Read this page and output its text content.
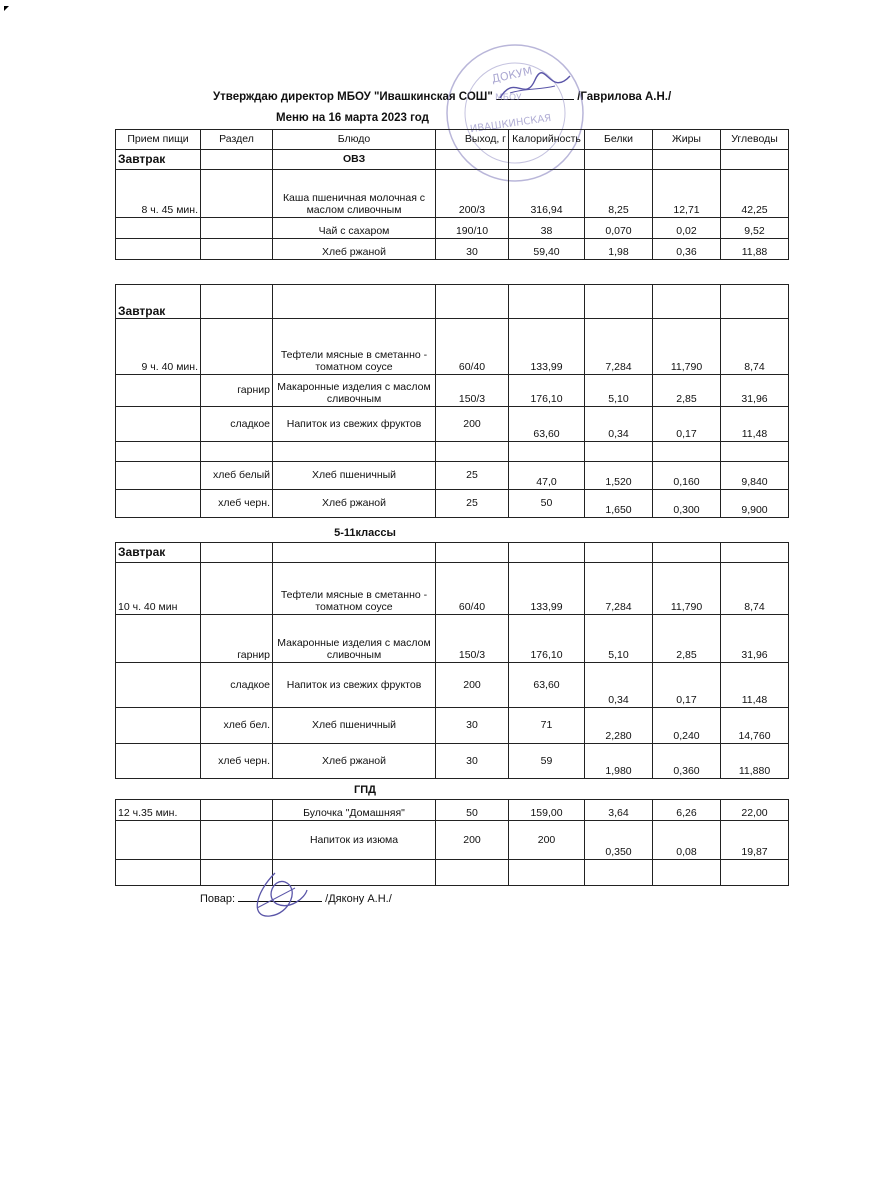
Утверждаю директор МБОУ "Ивашкинская СОШ"	/Гаврилова А.Н./
Меню на 16 марта 2023 год
ДОКУМ
МБОУ
ИВАШКИНСКАЯ
Прием пищи	Раздел	Блюдо	Выход, г	Калорийность	Белки	Жиры	Углеводы
Завтрак		ОВЗ					
8 ч. 45 мин.		Каша пшеничная молочная с маслом сливочным	200/3	316,94	8,25	12,71	42,25
		Чай с сахаром	190/10	38	0,070	0,02	9,52
		Хлеб ржаной	30	59,40	1,98	0,36	11,88
Завтрак							
9 ч. 40 мин.		Тефтели мясные в сметанно - томатном соусе	60/40	133,99	7,284	11,790	8,74
	гарнир	Макаронные изделия с маслом сливочным	150/3	176,10	5,10	2,85	31,96
	сладкое	Напиток из свежих фруктов	200	63,60	0,34	0,17	11,48

	хлеб белый	Хлеб пшеничный	25	47,0	1,520	0,160	9,840
	хлеб черн.	Хлеб ржаной	25	50	1,650	0,300	9,900
5-11классы
Завтрак							
10 ч. 40 мин		Тефтели мясные в сметанно - томатном соусе	60/40	133,99	7,284	11,790	8,74
	гарнир	Макаронные изделия с маслом сливочным	150/3	176,10	5,10	2,85	31,96
	сладкое	Напиток из свежих фруктов	200	63,60	0,34	0,17	11,48
	хлеб бел.	Хлеб пшеничный	30	71	2,280	0,240	14,760
	хлеб черн.	Хлеб ржаной	30	59	1,980	0,360	11,880
ГПД
12 ч.35 мин.		Булочка "Домашняя"	50	159,00	3,64	6,26	22,00
		Напиток из изюма	200	200	0,350	0,08	19,87

Повар:	/Дякону А.Н./
